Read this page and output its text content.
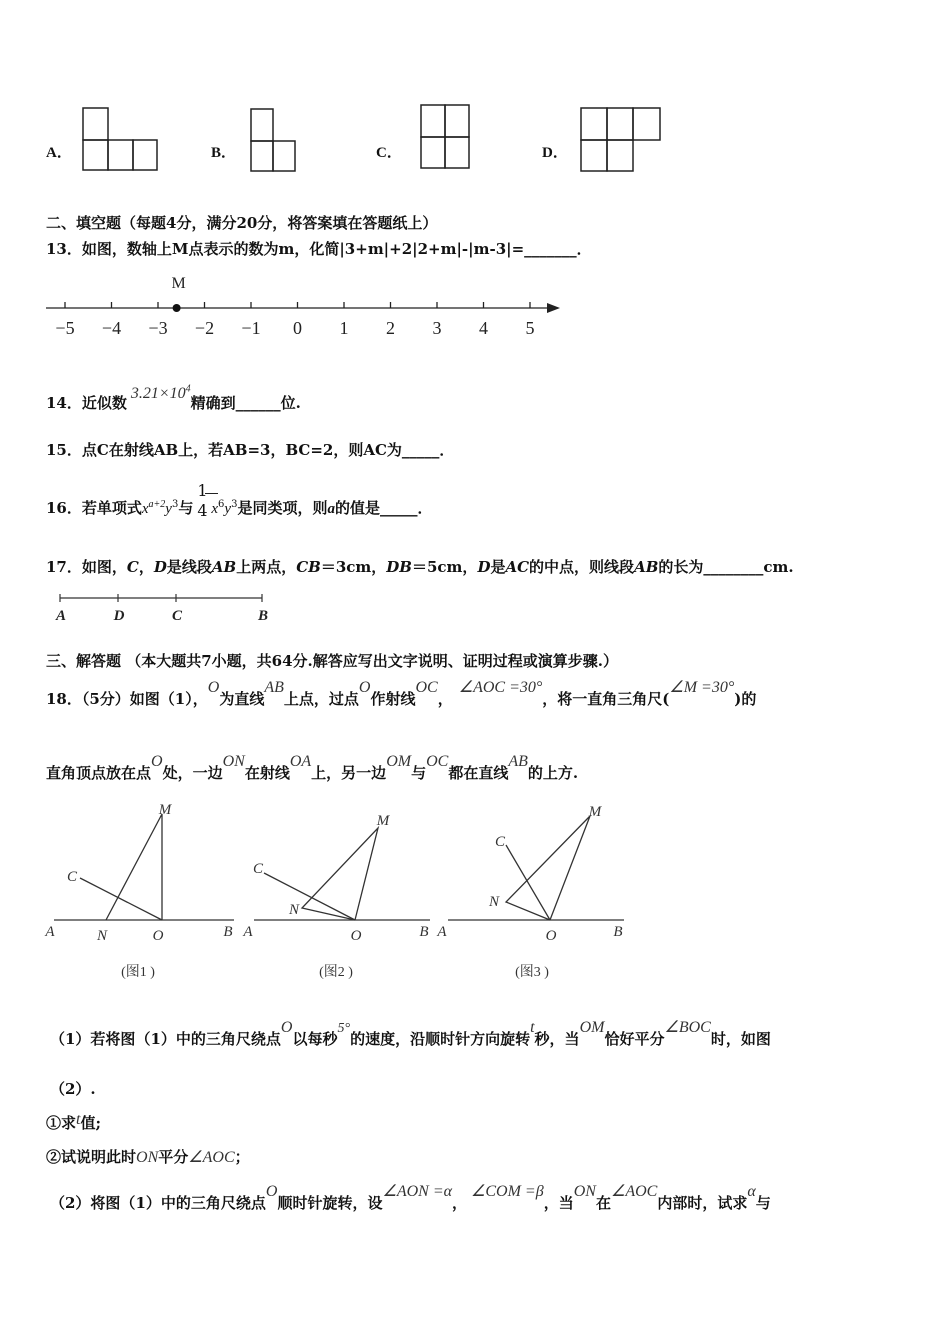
A．	B．	C．	D．
二、填空题（每题4分，满分20分，将答案填在答题纸上）
13．如图，数轴上M点表示的数为m，化简|3+m|+2|2+m|-|m-3|=_______．
−5 −4 −3 −2 −1 0 1 2 3 4 5
M
14．近似数$3.21\times 10^4$精确到______位.
15．点C在射线AB上，若AB=3，BC=2，则AC为_____．
16．若单项式$x^{a+2}y^3$与
1
4 $x^6y^3$是同类项，则a的值是_____．
17．如图，C，D是线段AB上两点，CB＝3cm，DB＝5cm，D是AC的中点，则线段AB的长为________cm.
A	D	C	B
三、解答题 （本大题共7小题，共64分.解答应写出文字说明、证明过程或演算步骤.）
18．（5分）如图（1），O为直线AB上点，过点O作射线OC，∠AOC =30°，将一直角三角尺(∠M =30°)的
直角顶点放在点O处，一边ON在射线OA上，另一边OM与OC都在直线AB的上方.
A	N	O	B
M
C
(图1 )
A
N
O	B
M
C
(图2 )
A
N
O	B
M
C
(图3 )
（1）若将图（1）中的三角尺绕点O以每秒5°的速度，沿顺时针方向旋转t秒，当OM恰好平分∠BOC时，如图
（2）.
①求t值;
②试说明此时ON平分∠AOC；
（2）将图（1）中的三角尺绕点O顺时针旋转，设∠AON =α，∠COM =β，当ON在∠AOC内部时，试求α与
